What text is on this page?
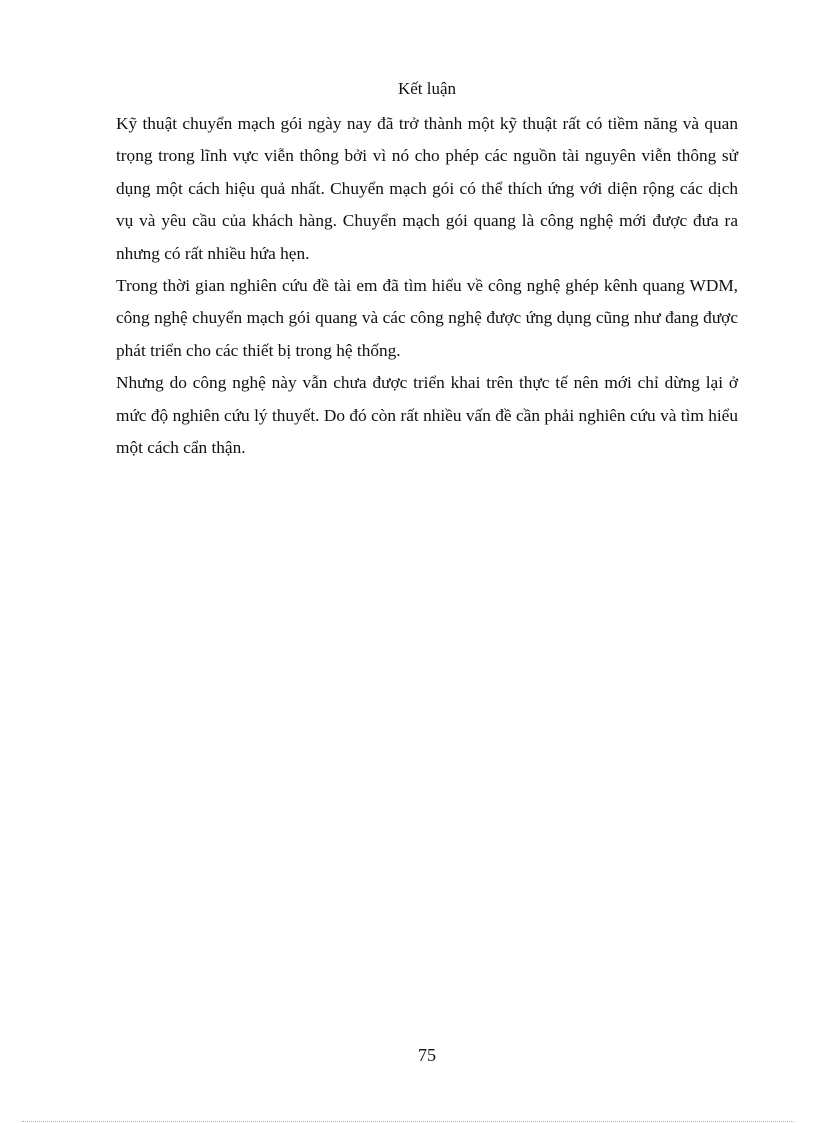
Kết luận

Kỹ thuật chuyển mạch gói ngày nay đã trở thành một kỹ thuật rất có tiềm năng và quan trọng trong lĩnh vực viễn thông bởi vì nó cho phép các nguồn tài nguyên viễn thông sử dụng một cách hiệu quả nhất. Chuyển mạch gói có thể thích ứng với diện rộng các dịch vụ và yêu cầu của khách hàng. Chuyển mạch gói quang là công nghệ mới được đưa ra nhưng có rất nhiều hứa hẹn.

Trong thời gian nghiên cứu đề tài em đã tìm hiểu về công nghệ ghép kênh quang WDM, công nghệ chuyển mạch gói quang và các công nghệ được ứng dụng cũng như đang được phát triển cho các thiết bị trong hệ thống.

Nhưng do công nghệ này vẫn chưa được triển khai trên thực tế nên mới chỉ dừng lại ở mức độ nghiên cứu lý thuyết. Do đó còn rất nhiều vấn đề cần phải nghiên cứu và tìm hiểu một cách cẩn thận.

75
